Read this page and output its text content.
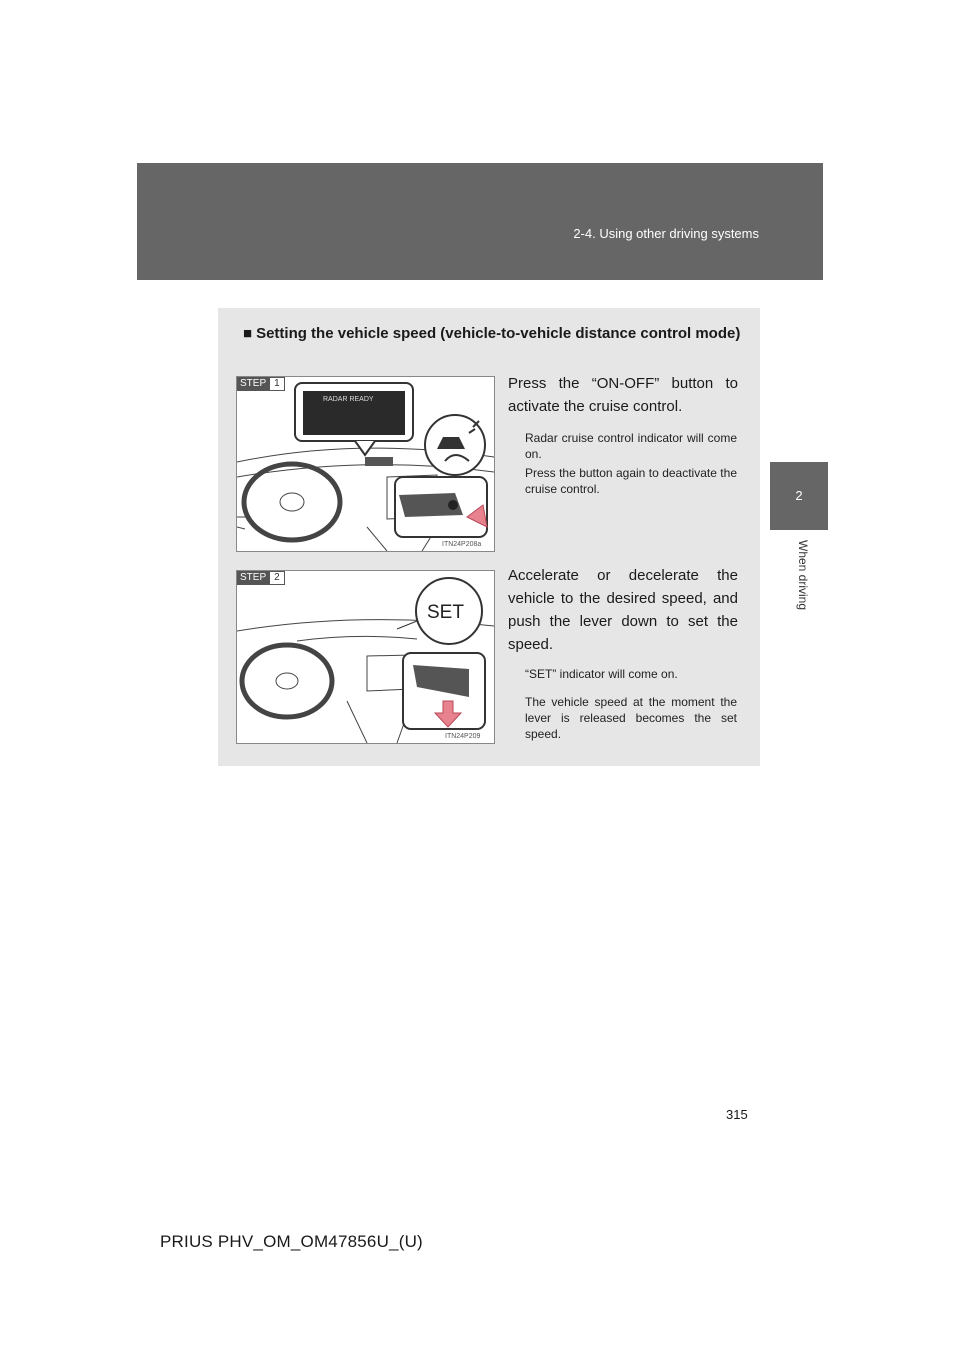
2-4. Using other driving systems
2
When driving
■ Setting the vehicle speed (vehicle-to-vehicle distance control mode)
STEP 1
RADAR READY
ITN24P208a
Press the “ON-OFF” button to activate the cruise control.
Radar cruise control indicator will come on.
Press the button again to deactivate the cruise control.
STEP 2
SET
ITN24P209
Accelerate or decelerate the vehicle to the desired speed, and push the lever down to set the speed.
“SET” indicator will come on.
The vehicle speed at the moment the lever is released becomes the set speed.
315
PRIUS PHV_OM_OM47856U_(U)
